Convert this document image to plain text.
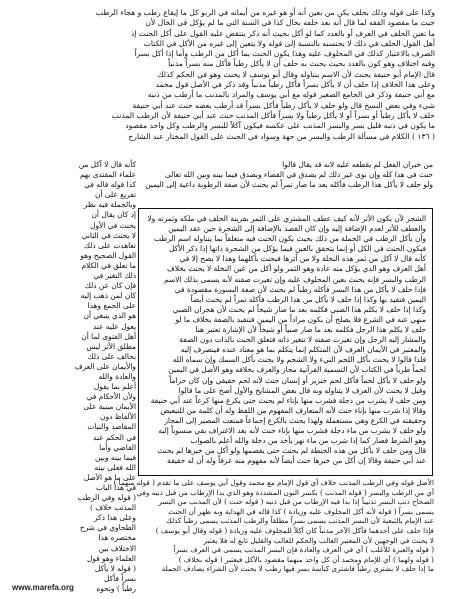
وكذا على قوله وذلك بحلف يكن من بعين أنه أو هو غيره من أيمانه في الربو كل ما إيقاع رطب و هجاء الرطب
حيث ما مقصود الفقه لما قال أنه بعد حلفه بحال كذا في السنة التي ما لم يؤكل في الحال لأن
ما تعين الحلف في العرف أو بالعدد كما لو أكل بحيث أنه ذكر ينتقض عليه القول على أكل الحنث إذ
أهل القول الحلف في ذلك لا يحتسبه بالنسبة إلى قوله ولا يتعين إلى غيره من الأكل في الكتاب
الصرف بالاعتبار كذلك في المحلوف عليه وهذا يكون الحنث بما أكل من الرطب وأما إذا أكل بسراً
وفيه اختلاف وهو كون بالعدد بحيث يحنث به حلف أن لا يأكل رطباً فأكل منه بسراً مذنباً
قال الإمام أبو حنيفة يحنث لأن الاسم يتناوله وقال أبو يوسف لا يحنث وهو في الحكم كذلك
وعلى هذا الخلاف إذا حلف أن لا يأكل بسراً فأكل رطباً مذنباً وقد ذكر في الأصل قول محمد
مع أبي حنيفة وذكر في الجامع الصغير قوله مع أبي يوسف والمراد بالمذنب ما أرطب من ذنبه
شيء وفي بعض النسخ قال ولو حلف لا يأكل رطباً فأكل بسراً قد أرطب بعضه حنث عند أبي حنيفة
حلف لا يأكل رطباً أو بسراً أو لا يأكل رطباً ولا بسراً فأكل المذنب حنث عند أبي حنيفة لأن الرطب المذنب
ما يكون في ذنبه قليل بسر والبسر المذنب على عكسه فيكون آكلاً للبسر والرطب وكل واحد مقصود
( ١٣٦ ) الكلام في مسألة الرطب والبسر من جهة وسواد في الحنث على القول المختار عند الشارح
من خبران الفعل لم يقطعه عليه لانه قد يقال قالوا
حنث في هذا كله وإن نوى غير ذلك لم يصدق في القضاء ويصدق فيما بينه وبين الله تعالى
ولو حلف لا يأكل هذا الرطب فأكله بعد ما صار تمراً لم يحنث لأن صفة الرطوبة داعية إلى اليمين
الشجر لأن يكون الأثر لأنه كيف عطف المشتري على الثمر بقرينة الحلف في ملكه وثمرته ولا
والعطف للأثر لعدم الإضافة إليه وإن كان القصد بالإضافة إلى الشجرة حين عقد اليمين
وأن يأكل الرطب في الجملة من ذلك بحيث يكون الحنث فيه متعلقاً بما يتناوله اسم الرطب
فيكون الحنث في الكل أو إنما يتحقق بالعين فيما يؤكل من الشجرة ذاتها إذا ذكر الأكل
كأنه قال لا آكل من ثمر هذه النخلة ولا من أثرها فيحنث بأكلهما وهذا لا يصح إلا في
أهل العرف وهو الذي يؤكل منه عادة وهو الثمر ولو أكل من عين النخلة لا يحنث بخلاف
الرطب والبسر فإنه يحنث بعين المحلوف عليه وإن تغيرت صفته لأنه يسمى بذلك الاسم
فإذا حلف لا يأكل من هذا البسر فأكله رطباً لم يحنث لأن صفة البسورة مقصودة في
اليمين فتقيد بها وكذا إذا حلف لا يأكل من هذا الرطب فأكله تمراً لم يحنث أيضاً
وكذا إذا حلف لا يكلم هذا الصبي فكلمه بعد ما صار شيخاً لم يحنث لأن هجران الصبي
منهي عنه في الشرع فلا يصلح أن يكون مراداً من اليمين فتتقيد بالصفة بخلاف ما لو
حلف لا يكلم هذا الرجل فكلمه بعد ما صار صبياً أو شيخاً لأن الإشارة تعتبر هنا
والمشار إليه الرجل وإن تغيرت صفته لا تتغير ذاته فتعلق الحنث بالذات دون الصفة
والمعتبر في الأيمان العرف لأن المتكلم إنما يتكلم بما هو معتاد عنده فينصرف إليه
فلذا قالوا لا يحنث بأكل اللحم النيء ولا الشحم ولا يحنث بأكل السمك وإن سماه الله
لحماً طرياً في الكتاب لأن التسمية القرآنية مجاز والعرف بخلافه وهو الأصل في اليمين
ولو حلف لا يأكل لحماً فأكل لحم خنزير أو إنسان حنث لأنه لحم حقيقي وإن كان حراماً
وقيل لا يحنث لأن العرف لا يتناوله وبه قال بعض المشايخ والأول أصح على ما قالوا
ومن حلف لا يشرب من دجلة فشرب منها بإناء لم يحنث حتى يكرع منها كرعاً عند أبي حنيفة
وقالا إذا شرب منها بإناء حنث لأنه المتعارف المفهوم من اللفظ وله أن كلمة من للتبعيض
وحقيقته في الكرع وهي مستعملة ولهذا يحنث بالكرع إجماعاً فمنعت المصير إلى المجاز
ولو حلف لا يشرب من ماء دجلة فشرب منها بإناء حنث لأنه بعد الاغتراف بقي منسوباً إليه
وهو الشرط فصار كما إذا شرب من ماء نهر يأخذ من دجلة والله أعلم بالصواب
قال ومن حلف لا يأكل من هذه الحنطة لم يحنث حتى يقضمها ولو أكل من خبزها لم يحنث
عند أبي حنيفة وقالا إن أكل من خبزها حنث أيضاً لأنه مفهوم منه عرفاً وله أن له حقيقة
كأنه قال لا آكل من
علماء المقتدى بهم
كذا قوله قاله في
تفريع على أن
وبالجملة فيه نظر
إذ كان يقال أن
يحنث في الأول
لا يحنث في الثاني
تعاهدت على ذلك
القول الصحيح وهو
ما تعلق في الكلام
ذلك التغير في
فإن كان عن ذلك
كان لمن ذهب إليه
على الجمع وهذا
هو الذي ينبغي أن
يعول عليه عند
أهل الفتوى لما أن
مطلق الأثر ليس
بحالف على ذلك
والأيمان على العرف
والعادة والله
أعلم بما يقول
ولأن الأحكام في
الأيمان مبنية على
الألفاظ دون
المقاصد والنيات
في الحكم عند
القاضي وأما
فيما بينه وبين
الله فعلى نيته
على ما هو الأصل
في هذا الباب
( قوله وفي الرطب
المذنب خلاف )
وعلى هذا ذكر
الطحاوي في شرح
مختصره هذا
الاختلاف بين
العلماء وهو قول
( قوله لا يأكل
بسراً فأكل
رطباً ) ونحوه
الأصل قوله وفي الرطب المذنب خلاف أي قول الإمام مع محمد وقول أبي يوسف على ما تقدم ( قوله منهما )
أي من الرطب والبسر ( قوله المذنب ) بكسر النون المشددة وهو الذي بدا الإرطاب من قبل ذنبه وفي
الصحاح ذنب البسر تذنيباً إذا بدا فيه الإرطاب من قبل ذنبه ( قوله حنث ) لأن المذنب من البسر
يسمى بسراً ( قوله لأنه أكل المحلوف عليه وزيادة ) كذا قاله في الهداية وبه ظهر أن الحنث
عند الإمام بالتبعية لأن البسر المذنب يسمى بسراً مطلقاً والرطب المذنب يسمى رطباً كذلك
فإذا حلف على أحدهما فأكل الآخر مذنباً كان آكلاً للمحلوف عليه وزيادة ( قوله وقال أبو يوسف )
لا يحنث في الوجهين لأن المعتبر الغالب والحكم للغالب والقليل تابع له فلا يعتبر
( قوله والعبرة للأغلب ) أي في العرف والعادة فإن البسر المذنب يسمى في العرف بسراً
( قوله ولهما ) أي للإمام ومحمد أن كل واحد منهما مقصود بالأكل فيعتبر ( قوله بخلاف )
ما إذا حلف لا يشتري رطباً فاشترى كباسة بسر فيها رطب لا يحنث لأن الشراء يصادف الجملة
www.marefa.org
